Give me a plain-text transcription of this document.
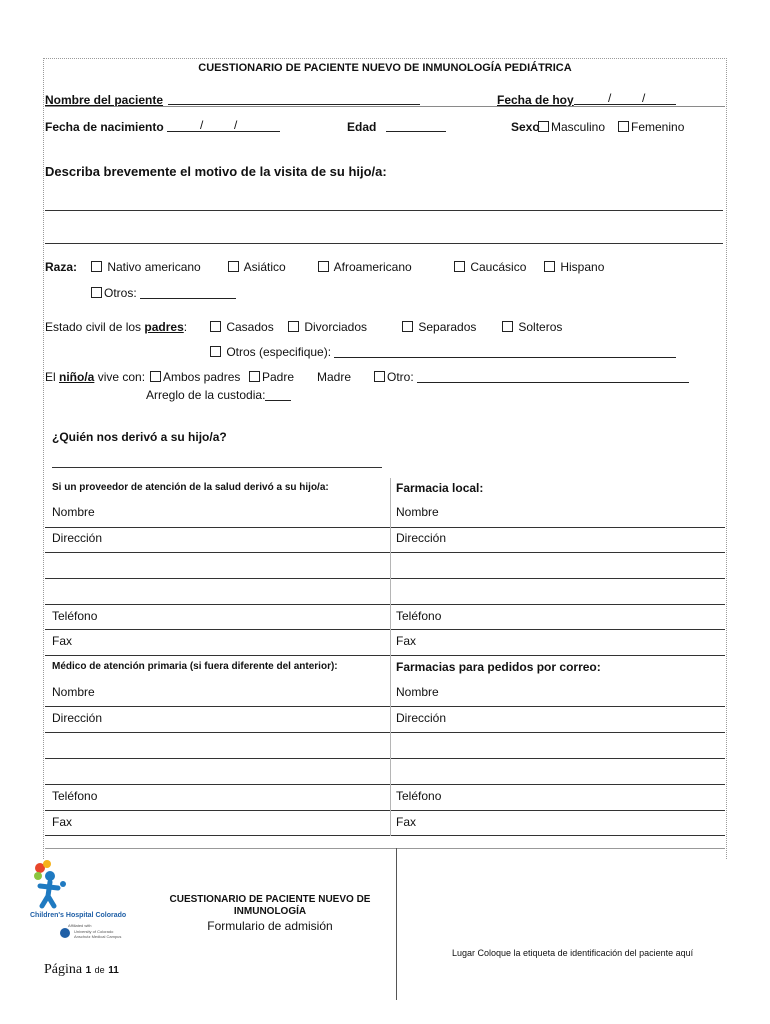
CUESTIONARIO DE PACIENTE NUEVO DE INMUNOLOGÍA PEDIÁTRICA
Nombre del paciente	Fecha de hoy	/	/
Fecha de nacimiento	/	/	Edad	Sexo Masculino	Femenino
Describa brevemente el motivo de la visita de su hijo/a:
Raza:	Nativo americano	Asiático	Afroamericano	Caucásico	Hispano
Otros:
Estado civil de los padres:	Casados	Divorciados	Separados	Solteros
Otros (especifique):
El niño/a vive con:	Ambos padres	Padre Madre	Otro:
Arreglo de la custodia:
¿Quién nos derivó a su hijo/a?
Si un proveedor de atención de la salud derivó a su hijo/a:	Farmacia local:
Nombre	Nombre
Dirección	Dirección
Teléfono	Teléfono
Fax	Fax
Médico de atención primaria (si fuera diferente del anterior):	Farmacias para pedidos por correo:
Nombre	Nombre
Dirección	Dirección
Teléfono	Teléfono
Fax	Fax
Children's Hospital Colorado
Affiliated with
University of Colorado
Anschutz Medical Campus
CUESTIONARIO DE PACIENTE NUEVO DE
INMUNOLOGÍA
Formulario de admisión
Página 1 de 11
Lugar Coloque la etiqueta de identificación del paciente aquí
